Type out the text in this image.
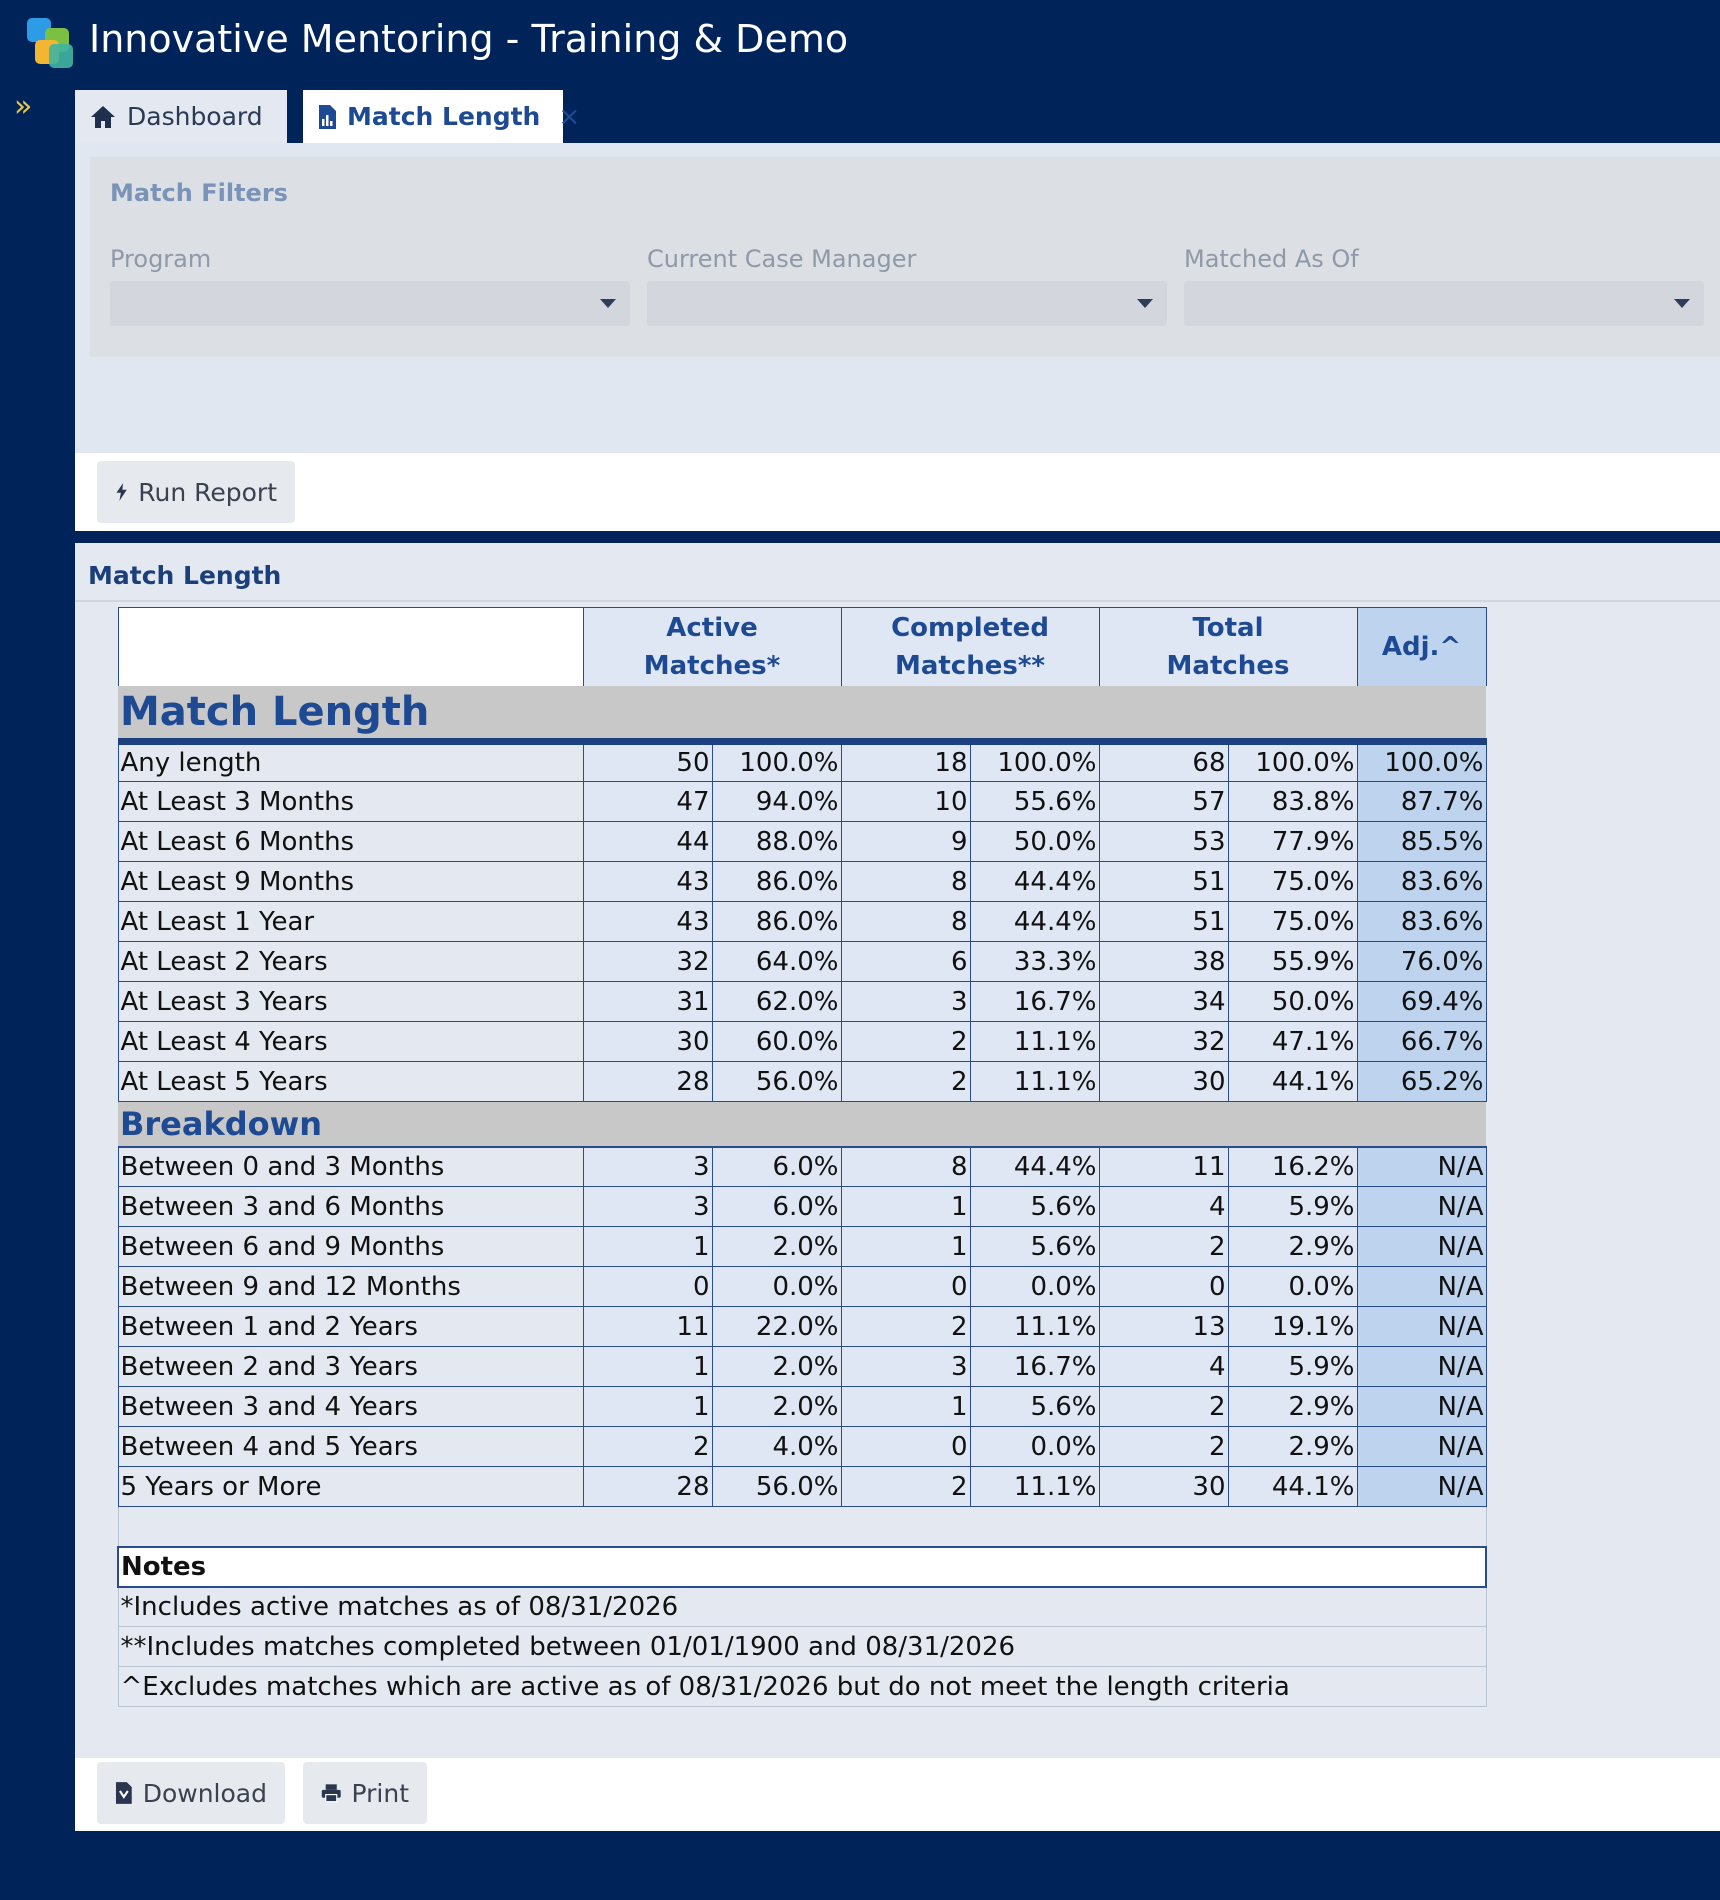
Innovative Mentoring - Training & Demo
»	Dashboard	Match Length ×
Match Filters
Program	Current Case Manager	Matched As Of
Run Report
Match Length

	Active Matches*		Completed Matches**		Total Matches		Adj.^
Match Length							
Any length	50	100.0%	18	100.0%	68	100.0%	100.0%
At Least 3 Months	47	94.0%	10	55.6%	57	83.8%	87.7%
At Least 6 Months	44	88.0%	9	50.0%	53	77.9%	85.5%
At Least 9 Months	43	86.0%	8	44.4%	51	75.0%	83.6%
At Least 1 Year	43	86.0%	8	44.4%	51	75.0%	83.6%
At Least 2 Years	32	64.0%	6	33.3%	38	55.9%	76.0%
At Least 3 Years	31	62.0%	3	16.7%	34	50.0%	69.4%
At Least 4 Years	30	60.0%	2	11.1%	32	47.1%	66.7%
At Least 5 Years	28	56.0%	2	11.1%	30	44.1%	65.2%
Breakdown							
Between 0 and 3 Months	3	6.0%	8	44.4%	11	16.2%	N/A
Between 3 and 6 Months	3	6.0%	1	5.6%	4	5.9%	N/A
Between 6 and 9 Months	1	2.0%	1	5.6%	2	2.9%	N/A
Between 9 and 12 Months	0	0.0%	0	0.0%	0	0.0%	N/A
Between 1 and 2 Years	11	22.0%	2	11.1%	13	19.1%	N/A
Between 2 and 3 Years	1	2.0%	3	16.7%	4	5.9%	N/A
Between 3 and 4 Years	1	2.0%	1	5.6%	2	2.9%	N/A
Between 4 and 5 Years	2	4.0%	0	0.0%	2	2.9%	N/A
5 Years or More	28	56.0%	2	11.1%	30	44.1%	N/A

Notes							
*Includes active matches as of 08/31/2026							
**Includes matches completed between 01/01/1900 and 08/31/2026							
^Excludes matches which are active as of 08/31/2026 but do not meet the length criteria							
Download	Print
